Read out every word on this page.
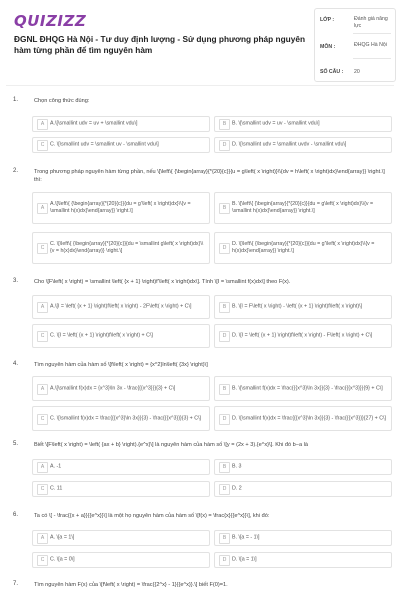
QUIZIZZ
ĐGNL ĐHQG Hà Nội - Tư duy định lượng - Sử dụng phương pháp nguyên hàm từng phần để tìm nguyên hàm
LỚP :	Đánh giá năng lực
MÔN :	ĐHQG Hà Nội
SỐ CÂU : 20
1.	Chọn công thức đúng:
A	A.\[\smallint udv = uv + \smallint vdu\]	B	B. \[\smallint udv = uv - \smallint vdu\]
C	C. \[\smallint udv = \smallint uv - \smallint vdu\]	D	D. \[\smallint udv = \smallint uvdv - \smallint vdu\]
2.	Trong phương pháp nguyên hàm từng phần, nếu \[\left\{ {\begin{array}{*{20}{c}}{u = g\left( x \right)}\\{dv = h\left( x \right)dx}\end{array}} \right.\] thì:
A
A.\[\left\{ {\begin{array}{*{20}{c}}{du = g'\left( x \right)dx}\\{v = \smallint h(x)dx}\end{array}} \right.\]	B
B. \[\left\{ {\begin{array}{*{20}{c}}{du = g\left( x \right)dx}\\{v = \smallint h(x)dx}\end{array}} \right.\]
C
C. \[\left\{ {\begin{array}{*{20}{c}}{du = \smallint g\left( x \right)dx}\\{v = h(x)dx}\end{array}} \right.\]	D
D. \[\left\{ {\begin{array}{*{20}{c}}{du = g'\left( x \right)dx}\\{v = h(x)dx}\end{array}} \right.\]
3.	Cho \[F\left( x \right) = \smallint \left( {x + 1} \right)f'\left( x \right)dx\]. Tính \[I = \smallint f(x)dx\] theo F(x).
A	A.\[I = \left( {x + 1} \right)f\left( x \right) - 2F\left( x \right) + C\]	B	B. \[I = F\left( x \right) - \left( {x + 1} \right)f\left( x \right)\]
C	C. \[I = \left( {x + 1} \right)f\left( x \right) + C\]	D	D. \[I = \left( {x + 1} \right)f\left( x \right) - F\left( x \right) + C\]
4.	Tìm nguyên hàm của hàm số \[f\left( x \right) = {x^2}ln\left( {3x} \right)\]
A	A.\[\smallint f(x)dx = {x^3}\ln 3x - \frac{{{x^3}}}{3} + C\]	B	B. \[\smallint f(x)dx = \frac{{{x^3}\ln 3x}}{3} - \frac{{{x^3}}}{9} + C\]
C	C. \[\smallint f(x)dx = \frac{{{x^3}\ln 3x}}{3} - \frac{{{x^3}}}{3} + C\]	D	D. \[\smallint f(x)dx = \frac{{{x^3}\ln 3x}}{3} - \frac{{{x^3}}}{27} + C\]
5.	Biết \[F\left( x \right) = \left( {ax + b} \right).{e^x}\] là nguyên hàm của hàm số \[y = (2x + 3).{e^x}\]. Khi đó b−a là
A	A. -1	B	B. 3
C	C. 11	D	D. 2
6.	Ta có \[ - \frac{{x + a}}{{e^x}}\] là một họ nguyên hàm của hàm số \[f(x) = \frac{x}{{e^x}}\], khi đó:
A	A. \[a = 1\]	B	B. \[a = - 1\]
C	C. \[a = 0\]	D	D. \[a = 1\]
7.	Tìm nguyên hàm F(x) của \[f\left( x \right) = \frac{{2^x} - 1}{{e^x}}.\] biết F(0)=1.
